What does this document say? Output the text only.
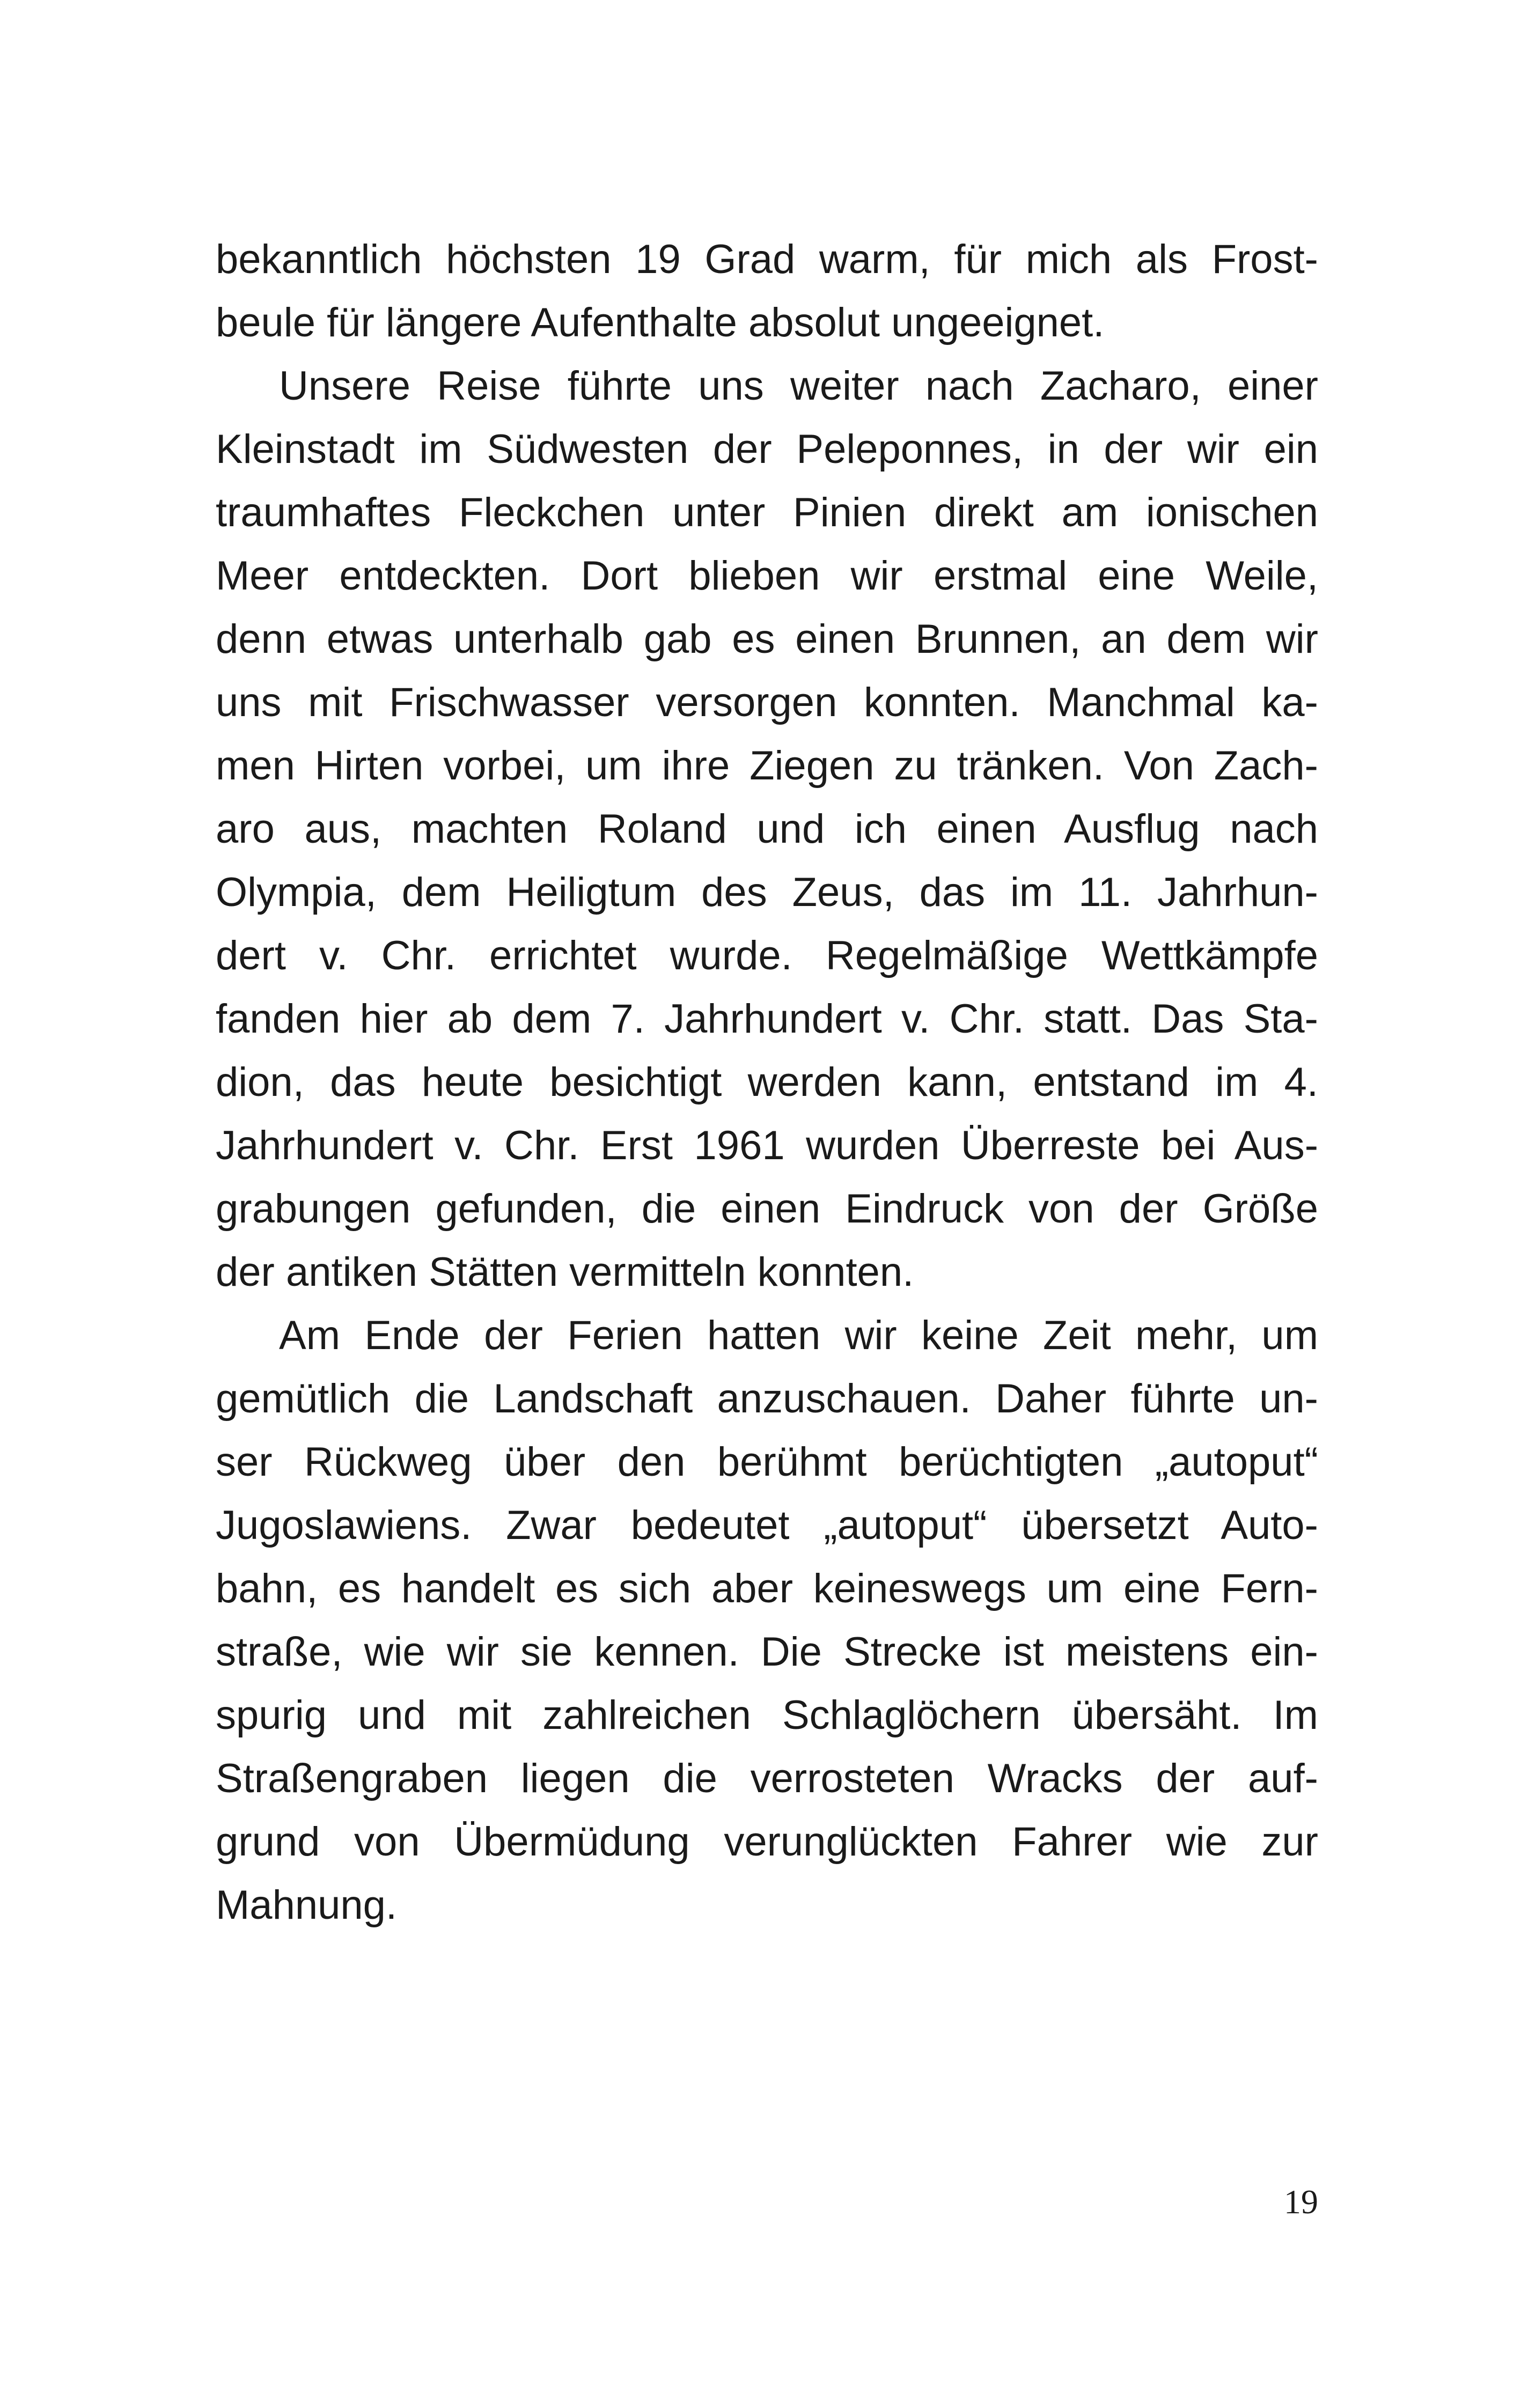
bekanntlich höchsten 19 Grad warm, für mich als Frost-
beule für längere Aufenthalte absolut ungeeignet.
Unsere Reise führte uns weiter nach Zacharo, einer
Kleinstadt im Südwesten der Peleponnes, in der wir ein
traumhaftes Fleckchen unter Pinien direkt am ionischen
Meer entdeckten. Dort blieben wir erstmal eine Weile,
denn etwas unterhalb gab es einen Brunnen, an dem wir
uns mit Frischwasser versorgen konnten. Manchmal ka-
men Hirten vorbei, um ihre Ziegen zu tränken. Von Zach-
aro aus, machten Roland und ich einen Ausflug nach
Olympia, dem Heiligtum des Zeus, das im 11. Jahrhun-
dert v. Chr. errichtet wurde. Regelmäßige Wettkämpfe
fanden hier ab dem 7. Jahrhundert v. Chr. statt. Das Sta-
dion, das heute besichtigt werden kann, entstand im 4.
Jahrhundert v. Chr. Erst 1961 wurden Überreste bei Aus-
grabungen gefunden, die einen Eindruck von der Größe
der antiken Stätten vermitteln konnten.
Am Ende der Ferien hatten wir keine Zeit mehr, um
gemütlich die Landschaft anzuschauen. Daher führte un-
ser Rückweg über den berühmt berüchtigten „autoput“
Jugoslawiens. Zwar bedeutet „autoput“ übersetzt Auto-
bahn, es handelt es sich aber keineswegs um eine Fern-
straße, wie wir sie kennen. Die Strecke ist meistens ein-
spurig und mit zahlreichen Schlaglöchern übersäht. Im
Straßengraben liegen die verrosteten Wracks der auf-
grund von Übermüdung verunglückten Fahrer wie zur
Mahnung.
19
